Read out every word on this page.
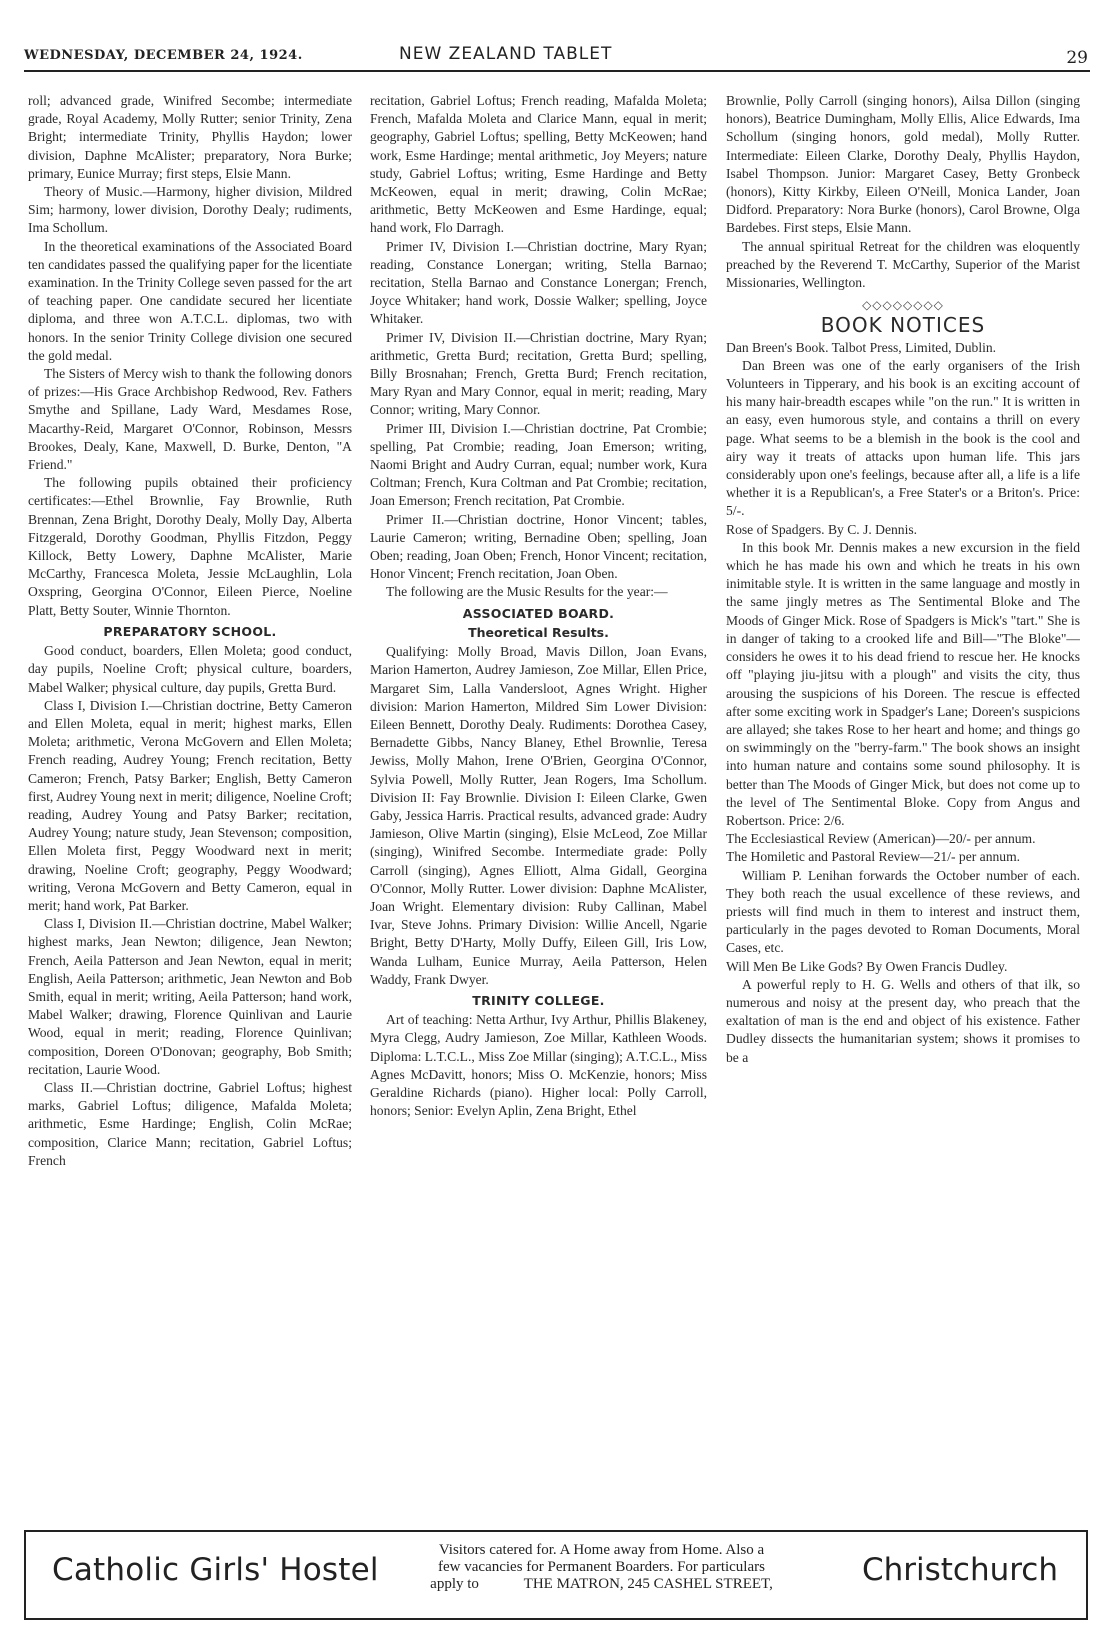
WEDNESDAY, DECEMBER 24, 1924.	NEW ZEALAND TABLET	29

roll; advanced grade, Winifred Secombe; intermediate grade, Royal Academy, Molly Rutter; senior Trinity, Zena Bright; intermediate Trinity, Phyllis Haydon; lower division, Daphne McAlister; preparatory, Nora Burke; primary, Eunice Murray; first steps, Elsie Mann.

Theory of Music.—Harmony, higher division, Mildred Sim; harmony, lower division, Dorothy Dealy; rudiments, Ima Schollum.

In the theoretical examinations of the Associated Board ten candidates passed the qualifying paper for the licentiate examination. In the Trinity College seven passed for the art of teaching paper. One candidate secured her licentiate diploma, and three won A.T.C.L. diplomas, two with honors. In the senior Trinity College division one secured the gold medal.

The Sisters of Mercy wish to thank the following donors of prizes:—His Grace Archbishop Redwood, Rev. Fathers Smythe and Spillane, Lady Ward, Mesdames Rose, Macarthy-Reid, Margaret O'Connor, Robinson, Messrs Brookes, Dealy, Kane, Maxwell, D. Burke, Denton, "A Friend."

The following pupils obtained their proficiency certificates:—Ethel Brownlie, Fay Brownlie, Ruth Brennan, Zena Bright, Dorothy Dealy, Molly Day, Alberta Fitzgerald, Dorothy Goodman, Phyllis Fitzdon, Peggy Killock, Betty Lowery, Daphne McAlister, Marie McCarthy, Francesca Moleta, Jessie McLaughlin, Lola Oxspring, Georgina O'Connor, Eileen Pierce, Noeline Platt, Betty Souter, Winnie Thornton.

PREPARATORY SCHOOL.

Good conduct, boarders, Ellen Moleta; good conduct, day pupils, Noeline Croft; physical culture, boarders, Mabel Walker; physical culture, day pupils, Gretta Burd.

Class I, Division I.—Christian doctrine, Betty Cameron and Ellen Moleta, equal in merit; highest marks, Ellen Moleta; arithmetic, Verona McGovern and Ellen Moleta; French reading, Audrey Young; French recitation, Betty Cameron; French, Patsy Barker; English, Betty Cameron first, Audrey Young next in merit; diligence, Noeline Croft; reading, Audrey Young and Patsy Barker; recitation, Audrey Young; nature study, Jean Stevenson; composition, Ellen Moleta first, Peggy Woodward next in merit; drawing, Noeline Croft; geography, Peggy Woodward; writing, Verona McGovern and Betty Cameron, equal in merit; hand work, Pat Barker.

Class I, Division II.—Christian doctrine, Mabel Walker; highest marks, Jean Newton; diligence, Jean Newton; French, Aeila Patterson and Jean Newton, equal in merit; English, Aeila Patterson; arithmetic, Jean Newton and Bob Smith, equal in merit; writing, Aeila Patterson; hand work, Mabel Walker; drawing, Florence Quinlivan and Laurie Wood, equal in merit; reading, Florence Quinlivan; composition, Doreen O'Donovan; geography, Bob Smith; recitation, Laurie Wood.

Class II.—Christian doctrine, Gabriel Loftus; highest marks, Gabriel Loftus; diligence, Mafalda Moleta; arithmetic, Esme Hardinge; English, Colin McRae; composition, Clarice Mann; recitation, Gabriel Loftus; French

recitation, Gabriel Loftus; French reading, Mafalda Moleta; French, Mafalda Moleta and Clarice Mann, equal in merit; geography, Gabriel Loftus; spelling, Betty McKeowen; hand work, Esme Hardinge; mental arithmetic, Joy Meyers; nature study, Gabriel Loftus; writing, Esme Hardinge and Betty McKeowen, equal in merit; drawing, Colin McRae; arithmetic, Betty McKeowen and Esme Hardinge, equal; hand work, Flo Darragh.

Primer IV, Division I.—Christian doctrine, Mary Ryan; reading, Constance Lonergan; writing, Stella Barnao; recitation, Stella Barnao and Constance Lonergan; French, Joyce Whitaker; hand work, Dossie Walker; spelling, Joyce Whitaker.

Primer IV, Division II.—Christian doctrine, Mary Ryan; arithmetic, Gretta Burd; recitation, Gretta Burd; spelling, Billy Brosnahan; French, Gretta Burd; French recitation, Mary Ryan and Mary Connor, equal in merit; reading, Mary Connor; writing, Mary Connor.

Primer III, Division I.—Christian doctrine, Pat Crombie; spelling, Pat Crombie; reading, Joan Emerson; writing, Naomi Bright and Audry Curran, equal; number work, Kura Coltman; French, Kura Coltman and Pat Crombie; recitation, Joan Emerson; French recitation, Pat Crombie.

Primer II.—Christian doctrine, Honor Vincent; tables, Laurie Cameron; writing, Bernadine Oben; spelling, Joan Oben; reading, Joan Oben; French, Honor Vincent; recitation, Honor Vincent; French recitation, Joan Oben.

The following are the Music Results for the year:—

ASSOCIATED BOARD.
Theoretical Results.

Qualifying: Molly Broad, Mavis Dillon, Joan Evans, Marion Hamerton, Audrey Jamieson, Zoe Millar, Ellen Price, Margaret Sim, Lalla Vandersloot, Agnes Wright. Higher division: Marion Hamerton, Mildred Sim Lower Division: Eileen Bennett, Dorothy Dealy. Rudiments: Dorothea Casey, Bernadette Gibbs, Nancy Blaney, Ethel Brownlie, Teresa Jewiss, Molly Mahon, Irene O'Brien, Georgina O'Connor, Sylvia Powell, Molly Rutter, Jean Rogers, Ima Schollum. Division II: Fay Brownlie. Division I: Eileen Clarke, Gwen Gaby, Jessica Harris. Practical results, advanced grade: Audry Jamieson, Olive Martin (singing), Elsie McLeod, Zoe Millar (singing), Winifred Secombe. Intermediate grade: Polly Carroll (singing), Agnes Elliott, Alma Gidall, Georgina O'Connor, Molly Rutter. Lower division: Daphne McAlister, Joan Wright. Elementary division: Ruby Callinan, Mabel Ivar, Steve Johns. Primary Division: Willie Ancell, Ngarie Bright, Betty D'Harty, Molly Duffy, Eileen Gill, Iris Low, Wanda Lulham, Eunice Murray, Aeila Patterson, Helen Waddy, Frank Dwyer.

TRINITY COLLEGE.

Art of teaching: Netta Arthur, Ivy Arthur, Phillis Blakeney, Myra Clegg, Audry Jamieson, Zoe Millar, Kathleen Woods. Diploma: L.T.C.L., Miss Zoe Millar (singing); A.T.C.L., Miss Agnes McDavitt, honors; Miss O. McKenzie, honors; Miss Geraldine Richards (piano). Higher local: Polly Carroll, honors; Senior: Evelyn Aplin, Zena Bright, Ethel

Brownlie, Polly Carroll (singing honors), Ailsa Dillon (singing honors), Beatrice Dumingham, Molly Ellis, Alice Edwards, Ima Schollum (singing honors, gold medal), Molly Rutter. Intermediate: Eileen Clarke, Dorothy Dealy, Phyllis Haydon, Isabel Thompson. Junior: Margaret Casey, Betty Gronbeck (honors), Kitty Kirkby, Eileen O'Neill, Monica Lander, Joan Didford. Preparatory: Nora Burke (honors), Carol Browne, Olga Bardebes. First steps, Elsie Mann.

The annual spiritual Retreat for the children was eloquently preached by the Reverend T. McCarthy, Superior of the Marist Missionaries, Wellington.

◇◇◇◇◇◇◇◇
BOOK NOTICES

Dan Breen's Book. Talbot Press, Limited, Dublin.

Dan Breen was one of the early organisers of the Irish Volunteers in Tipperary, and his book is an exciting account of his many hair-breadth escapes while "on the run." It is written in an easy, even humorous style, and contains a thrill on every page. What seems to be a blemish in the book is the cool and airy way it treats of attacks upon human life. This jars considerably upon one's feelings, because after all, a life is a life whether it is a Republican's, a Free Stater's or a Briton's. Price: 5/-.

Rose of Spadgers. By C. J. Dennis.

In this book Mr. Dennis makes a new excursion in the field which he has made his own and which he treats in his own inimitable style. It is written in the same language and mostly in the same jingly metres as The Sentimental Bloke and The Moods of Ginger Mick. Rose of Spadgers is Mick's "tart." She is in danger of taking to a crooked life and Bill—"The Bloke"—considers he owes it to his dead friend to rescue her. He knocks off "playing jiu-jitsu with a plough" and visits the city, thus arousing the suspicions of his Doreen. The rescue is effected after some exciting work in Spadger's Lane; Doreen's suspicions are allayed; she takes Rose to her heart and home; and things go on swimmingly on the "berry-farm." The book shows an insight into human nature and contains some sound philosophy. It is better than The Moods of Ginger Mick, but does not come up to the level of The Sentimental Bloke. Copy from Angus and Robertson. Price: 2/6.

The Ecclesiastical Review (American)—20/- per annum.

The Homiletic and Pastoral Review—21/- per annum.

William P. Lenihan forwards the October number of each. They both reach the usual excellence of these reviews, and priests will find much in them to interest and instruct them, particularly in the pages devoted to Roman Documents, Moral Cases, etc.

Will Men Be Like Gods? By Owen Francis Dudley.

A powerful reply to H. G. Wells and others of that ilk, so numerous and noisy at the present day, who preach that the exaltation of man is the end and object of his existence. Father Dudley dissects the humanitarian system; shows it promises to be a

Catholic Girls' Hostel
Visitors catered for. A Home away from Home. Also a
few vacancies for Permanent Boarders. For particulars
apply to	THE MATRON, 245 CASHEL STREET,	Christchurch
